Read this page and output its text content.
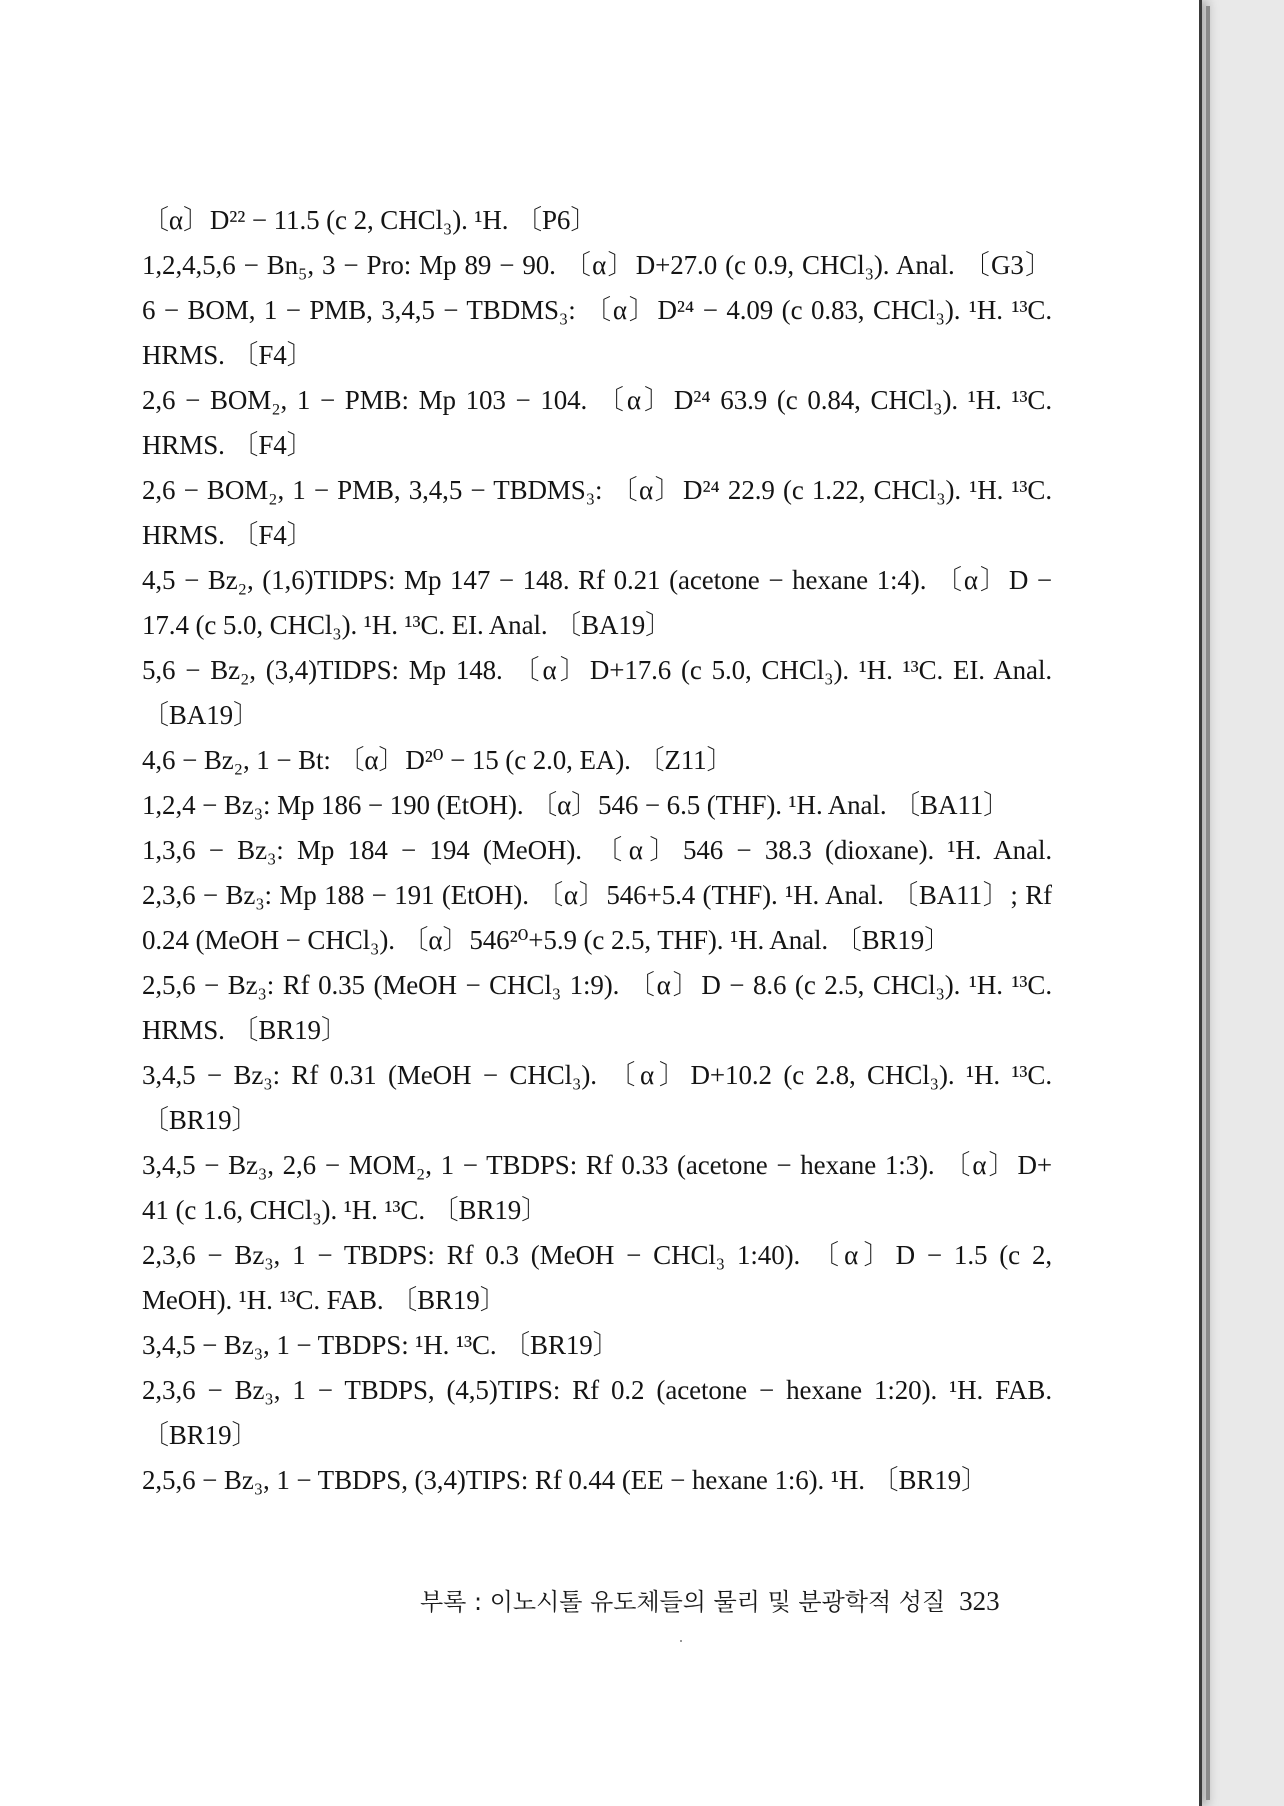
〔α〕D²² − 11.5 (c 2, CHCl₃). ¹H. 〔P6〕
1,2,4,5,6 − Bn₅, 3 − Pro: Mp 89 − 90. 〔α〕D+27.0 (c 0.9, CHCl₃). Anal. 〔G3〕
6 − BOM, 1 − PMB, 3,4,5 − TBDMS₃: 〔α〕D²⁴ − 4.09 (c 0.83, CHCl₃). ¹H. ¹³C.
HRMS. 〔F4〕
2,6 − BOM₂, 1 − PMB: Mp 103 − 104. 〔α〕D²⁴ 63.9 (c 0.84, CHCl₃). ¹H. ¹³C.
HRMS. 〔F4〕
2,6 − BOM₂, 1 − PMB, 3,4,5 − TBDMS₃: 〔α〕D²⁴ 22.9 (c 1.22, CHCl₃). ¹H. ¹³C.
HRMS. 〔F4〕
4,5 − Bz₂, (1,6)TIDPS: Mp 147 − 148. Rf 0.21 (acetone − hexane 1:4). 〔α〕D −
17.4 (c 5.0, CHCl₃). ¹H. ¹³C. EI. Anal. 〔BA19〕
5,6 − Bz₂, (3,4)TIDPS: Mp 148. 〔α〕D+17.6 (c 5.0, CHCl₃). ¹H. ¹³C. EI. Anal.
〔BA19〕
4,6 − Bz₂, 1 − Bt: 〔α〕D²⁰ − 15 (c 2.0, EA). 〔Z11〕
1,2,4 − Bz₃: Mp 186 − 190 (EtOH). 〔α〕546 − 6.5 (THF). ¹H. Anal. 〔BA11〕
1,3,6 − Bz₃: Mp 184 − 194 (MeOH). 〔α〕546 − 38.3 (dioxane). ¹H. Anal.
2,3,6 − Bz₃: Mp 188 − 191 (EtOH). 〔α〕546+5.4 (THF). ¹H. Anal. 〔BA11〕; Rf
0.24 (MeOH − CHCl₃). 〔α〕546²⁰+5.9 (c 2.5, THF). ¹H. Anal. 〔BR19〕
2,5,6 − Bz₃: Rf 0.35 (MeOH − CHCl₃ 1:9). 〔α〕D − 8.6 (c 2.5, CHCl₃). ¹H. ¹³C.
HRMS. 〔BR19〕
3,4,5 − Bz₃: Rf 0.31 (MeOH − CHCl₃). 〔α〕D+10.2 (c 2.8, CHCl₃). ¹H. ¹³C.
〔BR19〕
3,4,5 − Bz₃, 2,6 − MOM₂, 1 − TBDPS: Rf 0.33 (acetone − hexane 1:3). 〔α〕D+
41 (c 1.6, CHCl₃). ¹H. ¹³C. 〔BR19〕
2,3,6 − Bz₃, 1 − TBDPS: Rf 0.3 (MeOH − CHCl₃ 1:40). 〔α〕D − 1.5 (c 2,
MeOH). ¹H. ¹³C. FAB. 〔BR19〕
3,4,5 − Bz₃, 1 − TBDPS: ¹H. ¹³C. 〔BR19〕
2,3,6 − Bz₃, 1 − TBDPS, (4,5)TIPS: Rf 0.2 (acetone − hexane 1:20). ¹H. FAB.
〔BR19〕
2,5,6 − Bz₃, 1 − TBDPS, (3,4)TIPS: Rf 0.44 (EE − hexane 1:6). ¹H. 〔BR19〕
부록 : 이노시톨 유도체들의 물리 및 분광학적 성질 323
